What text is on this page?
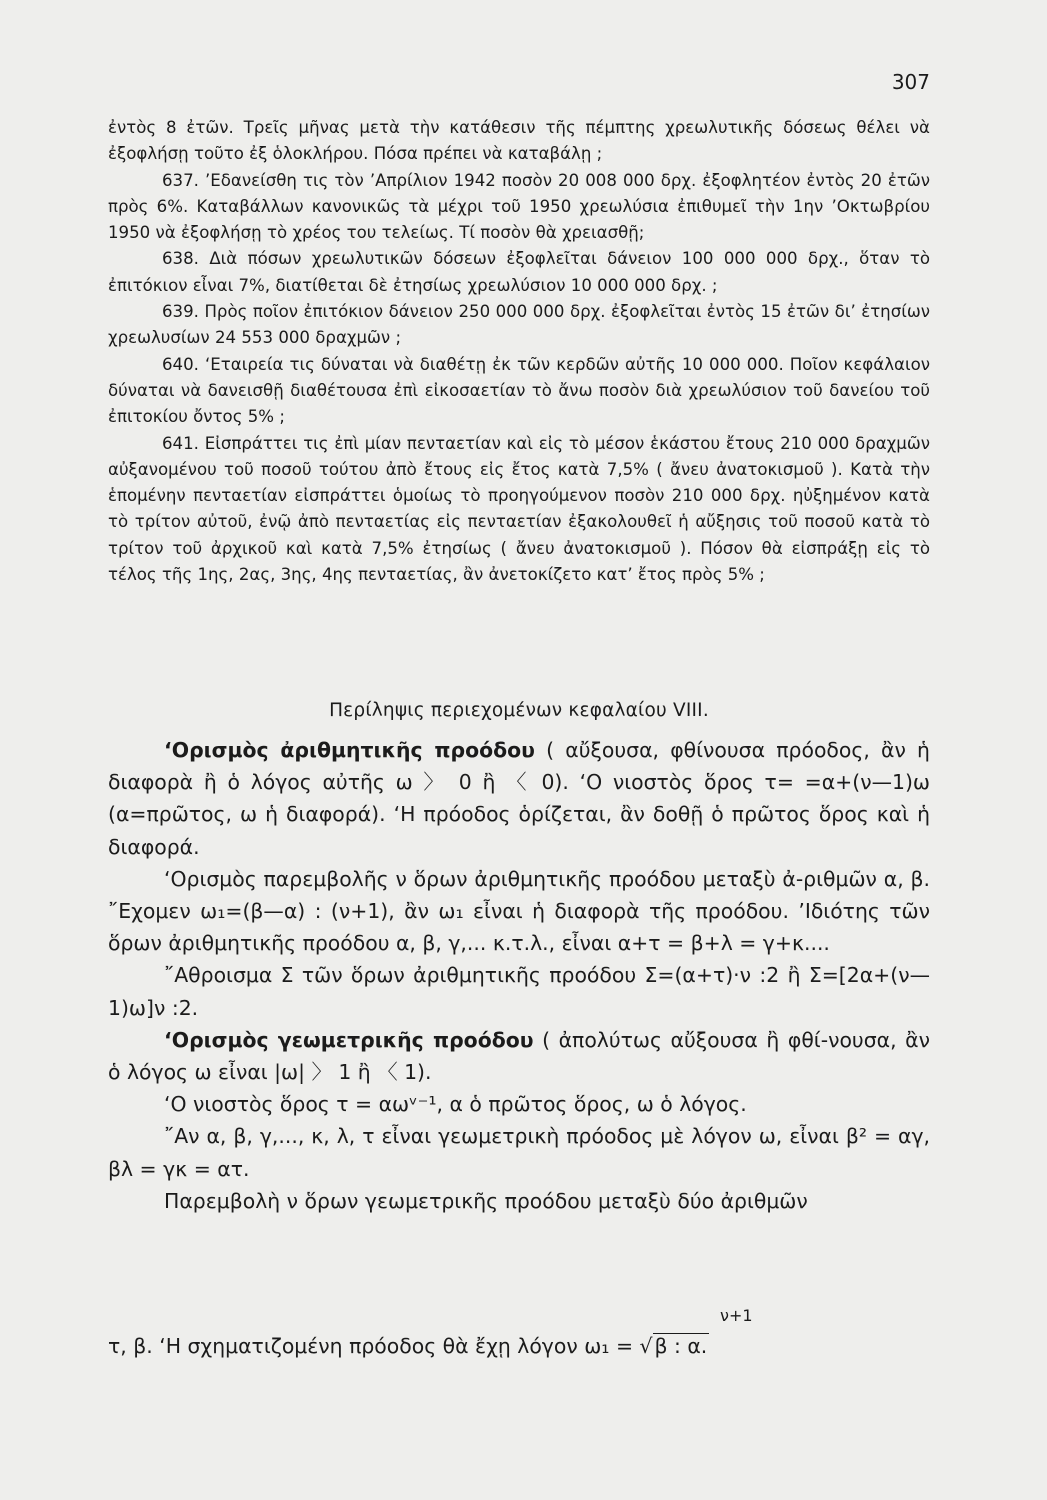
307

ἐντὸς 8 ἐτῶν. Τρεῖς μῆνας μετὰ τὴν κατάθεσιν τῆς πέμπτης χρεωλυτικῆς δόσεως θέλει νὰ ἐξοφλήσῃ τοῦτο ἐξ ὁλοκλήρου. Πόσα πρέπει νὰ καταβάλῃ ;

637. ’Εδανείσθη τις τὸν ’Απρίλιον 1942 ποσὸν 20 008 000 δρχ. ἐξοφλητέον ἐντὸς 20 ἐτῶν πρὸς 6%. Καταβάλλων κανονικῶς τὰ μέχρι τοῦ 1950 χρεωλύσια ἐπιθυμεῖ τὴν 1ην ’Οκτωβρίου 1950 νὰ ἐξοφλήσῃ τὸ χρέος του τελείως. Τί ποσὸν θὰ χρειασθῇ;

638. Διὰ πόσων χρεωλυτικῶν δόσεων ἐξοφλεῖται δάνειον 100 000 000 δρχ., ὅταν τὸ ἐπιτόκιον εἶναι 7%, διατίθεται δὲ ἐτησίως χρεωλύσιον 10 000 000 δρχ. ;

639. Πρὸς ποῖον ἐπιτόκιον δάνειον 250 000 000 δρχ. ἐξοφλεῖται ἐντὸς 15 ἐτῶν δι’ ἐτησίων χρεωλυσίων 24 553 000 δραχμῶν ;

640. ‘Εταιρεία τις δύναται νὰ διαθέτῃ ἐκ τῶν κερδῶν αὐτῆς 10 000 000. Ποῖον κεφάλαιον δύναται νὰ δανεισθῇ διαθέτουσα ἐπὶ εἰκοσαετίαν τὸ ἄνω ποσὸν διὰ χρεωλύσιον τοῦ δανείου τοῦ ἐπιτοκίου ὄντος 5% ;

641. Εἰσπράττει τις ἐπὶ μίαν πενταετίαν καὶ εἰς τὸ μέσον ἑκάστου ἔτους 210 000 δραχμῶν αὐξανομένου τοῦ ποσοῦ τούτου ἀπὸ ἔτους εἰς ἔτος κατὰ 7,5% ( ἄνευ ἀνατοκισμοῦ ). Κατὰ τὴν ἑπομένην πενταετίαν εἰσπράττει ὁμοίως τὸ προηγούμενον ποσὸν 210 000 δρχ. ηὐξημένον κατὰ τὸ τρίτον αὐτοῦ, ἐνῷ ἀπὸ πενταετίας εἰς πενταετίαν ἐξακολουθεῖ ἡ αὔξησις τοῦ ποσοῦ κατὰ τὸ τρίτον τοῦ ἀρχικοῦ καὶ κατὰ 7,5% ἐτησίως ( ἄνευ ἀνατοκισμοῦ ). Πόσον θὰ εἰσπράξῃ εἰς τὸ τέλος τῆς 1ης, 2ας, 3ης, 4ης πενταετίας, ἂν ἀνετοκίζετο κατ’ ἔτος πρὸς 5% ;

Περίληψις περιεχομένων κεφαλαίου VIII.

‘Ορισμὸς ἀριθμητικῆς προόδου ( αὔξουσα, φθίνουσα πρόοδος, ἂν ἡ διαφορὰ ἢ ὁ λόγος αὐτῆς ω 〉 0 ἢ 〈 0). ‘Ο νιοστὸς ὅρος τ= =α+(ν—1)ω (α=πρῶτος, ω ἡ διαφορά). ‘Η πρόοδος ὁρίζεται, ἂν δοθῇ ὁ πρῶτος ὅρος καὶ ἡ διαφορά.

‘Ορισμὸς παρεμβολῆς ν ὅρων ἀριθμητικῆς προόδου μεταξὺ ἀ-ριθμῶν α, β. ῎Εχομεν ω₁=(β—α) : (ν+1), ἂν ω₁ εἶναι ἡ διαφορὰ τῆς προόδου. ’Ιδιότης τῶν ὅρων ἀριθμητικῆς προόδου α, β, γ,... κ.τ.λ., εἶναι α+τ = β+λ = γ+κ....

῎Αθροισμα Σ τῶν ὅρων ἀριθμητικῆς προόδου Σ=(α+τ)·ν :2 ἢ Σ=[2α+(ν—1)ω]ν :2.

‘Ορισμὸς γεωμετρικῆς προόδου ( ἀπολύτως αὔξουσα ἢ φθί-νουσα, ἂν ὁ λόγος ω εἶναι |ω| 〉 1 ἢ 〈 1).

‘Ο νιοστὸς ὅρος τ = αωᵛ⁻¹, α ὁ πρῶτος ὅρος, ω ὁ λόγος.

῎Αν α, β, γ,..., κ, λ, τ εἶναι γεωμετρικὴ πρόοδος μὲ λόγον ω, εἶναι β² = αγ, βλ = γκ = ατ.

Παρεμβολὴ ν ὅρων γεωμετρικῆς προόδου μεταξὺ δύο ἀριθμῶν

ν+1
τ, β. ‘Η σχηματιζομένη πρόοδος θὰ ἔχῃ λόγον ω₁ = √β : α.
